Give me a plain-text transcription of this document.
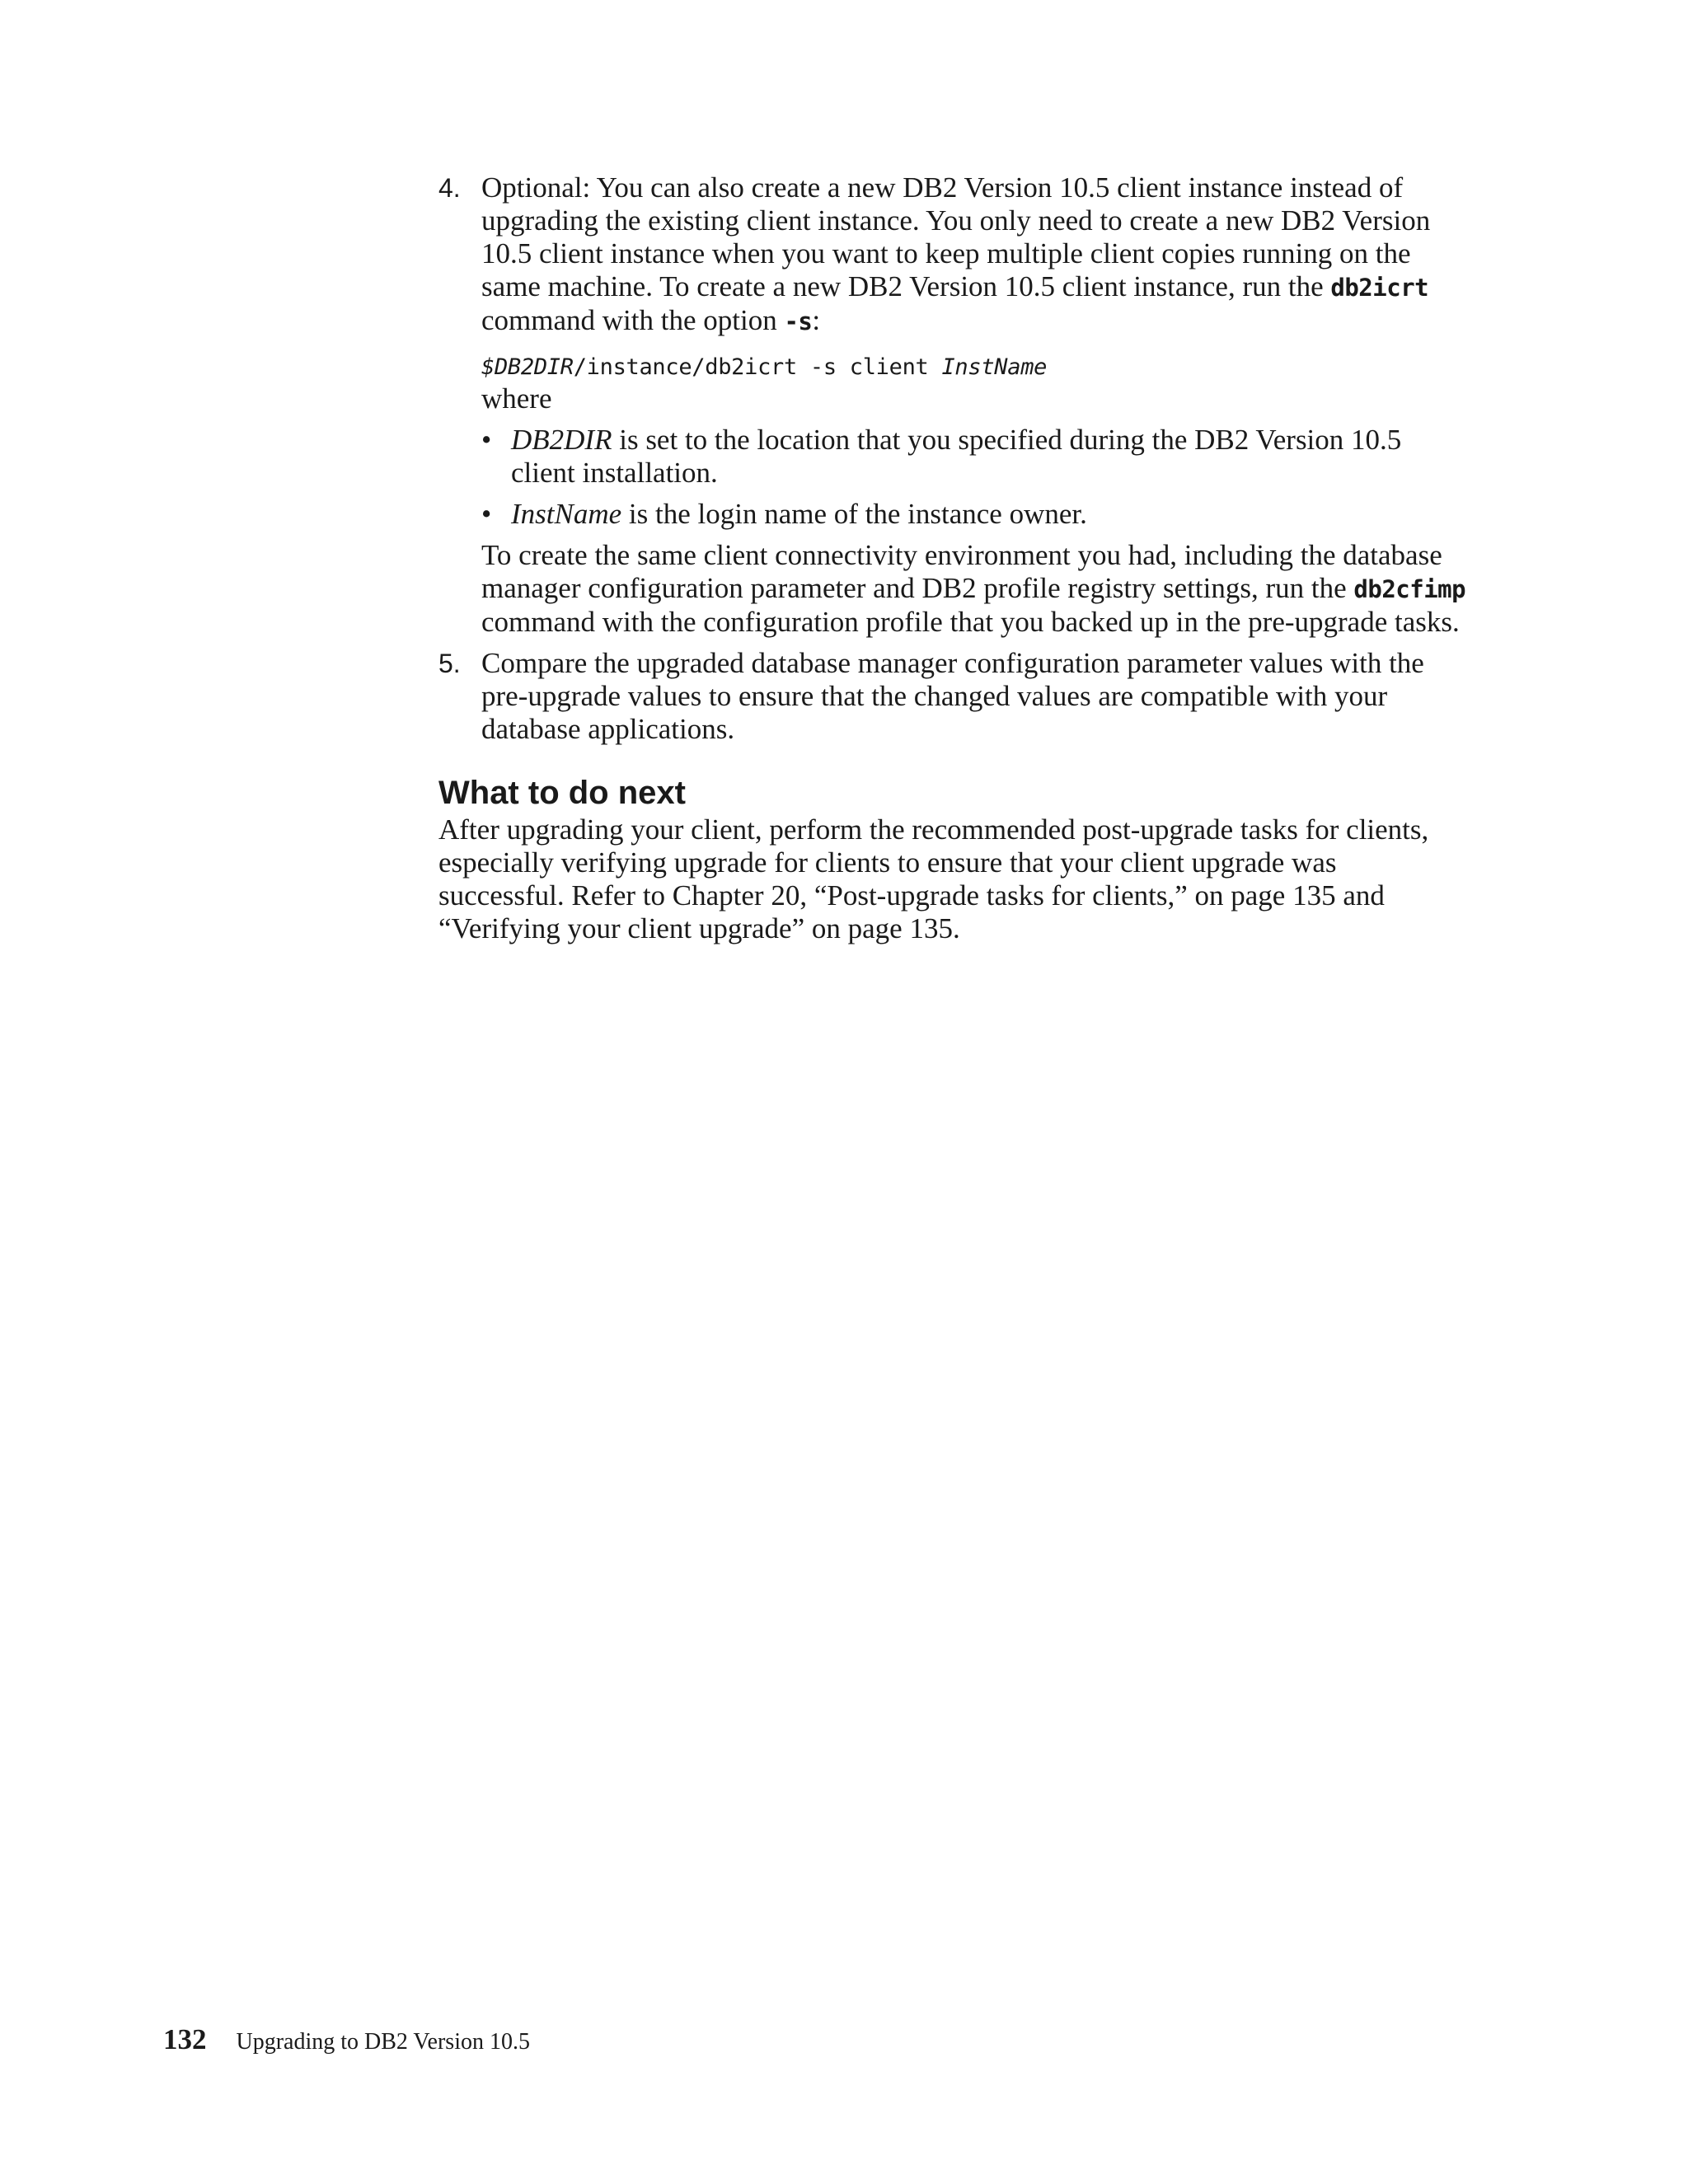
4. Optional: You can also create a new DB2 Version 10.5 client instance instead of upgrading the existing client instance. You only need to create a new DB2 Version 10.5 client instance when you want to keep multiple client copies running on the same machine. To create a new DB2 Version 10.5 client instance, run the db2icrt command with the option -s:

$DB2DIR/instance/db2icrt -s client InstName

where

• DB2DIR is set to the location that you specified during the DB2 Version 10.5 client installation.

• InstName is the login name of the instance owner.

To create the same client connectivity environment you had, including the database manager configuration parameter and DB2 profile registry settings, run the db2cfimp command with the configuration profile that you backed up in the pre-upgrade tasks.

5. Compare the upgraded database manager configuration parameter values with the pre-upgrade values to ensure that the changed values are compatible with your database applications.

What to do next

After upgrading your client, perform the recommended post-upgrade tasks for clients, especially verifying upgrade for clients to ensure that your client upgrade was successful. Refer to Chapter 20, “Post-upgrade tasks for clients,” on page 135 and “Verifying your client upgrade” on page 135.

132 Upgrading to DB2 Version 10.5
